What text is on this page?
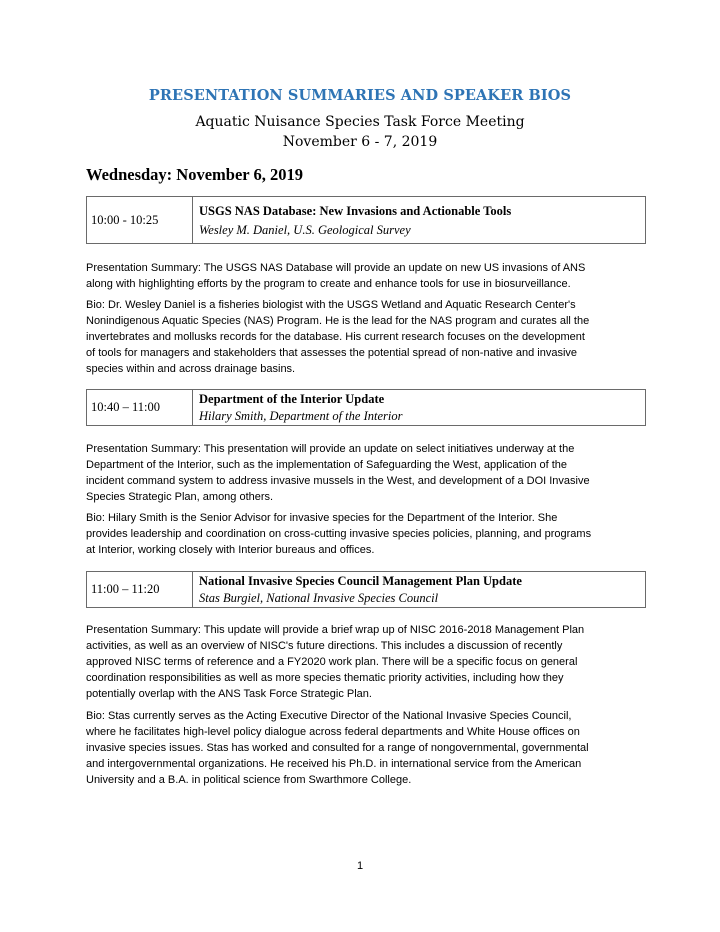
PRESENTATION SUMMARIES AND SPEAKER BIOS
Aquatic Nuisance Species Task Force Meeting
November 6 - 7, 2019
Wednesday: November 6, 2019
10:00 - 10:25
USGS NAS Database: New Invasions and Actionable Tools
Wesley M. Daniel, U.S. Geological Survey
Presentation Summary: The USGS NAS Database will provide an update on new US invasions of ANS
along with highlighting efforts by the program to create and enhance tools for use in biosurveillance.
Bio: Dr. Wesley Daniel is a fisheries biologist with the USGS Wetland and Aquatic Research Center's
Nonindigenous Aquatic Species (NAS) Program. He is the lead for the NAS program and curates all the
invertebrates and mollusks records for the database. His current research focuses on the development
of tools for managers and stakeholders that assesses the potential spread of non-native and invasive
species within and across drainage basins.
10:40 – 11:00
Department of the Interior Update
Hilary Smith, Department of the Interior
Presentation Summary: This presentation will provide an update on select initiatives underway at the
Department of the Interior, such as the implementation of Safeguarding the West, application of the
incident command system to address invasive mussels in the West, and development of a DOI Invasive
Species Strategic Plan, among others.
Bio: Hilary Smith is the Senior Advisor for invasive species for the Department of the Interior. She
provides leadership and coordination on cross-cutting invasive species policies, planning, and programs
at Interior, working closely with Interior bureaus and offices.
11:00 – 11:20
National Invasive Species Council Management Plan Update
Stas Burgiel, National Invasive Species Council
Presentation Summary: This update will provide a brief wrap up of NISC 2016-2018 Management Plan
activities, as well as an overview of NISC's future directions. This includes a discussion of recently
approved NISC terms of reference and a FY2020 work plan. There will be a specific focus on general
coordination responsibilities as well as more species thematic priority activities, including how they
potentially overlap with the ANS Task Force Strategic Plan.
Bio: Stas currently serves as the Acting Executive Director of the National Invasive Species Council,
where he facilitates high-level policy dialogue across federal departments and White House offices on
invasive species issues. Stas has worked and consulted for a range of nongovernmental, governmental
and intergovernmental organizations. He received his Ph.D. in international service from the American
University and a B.A. in political science from Swarthmore College.
1
